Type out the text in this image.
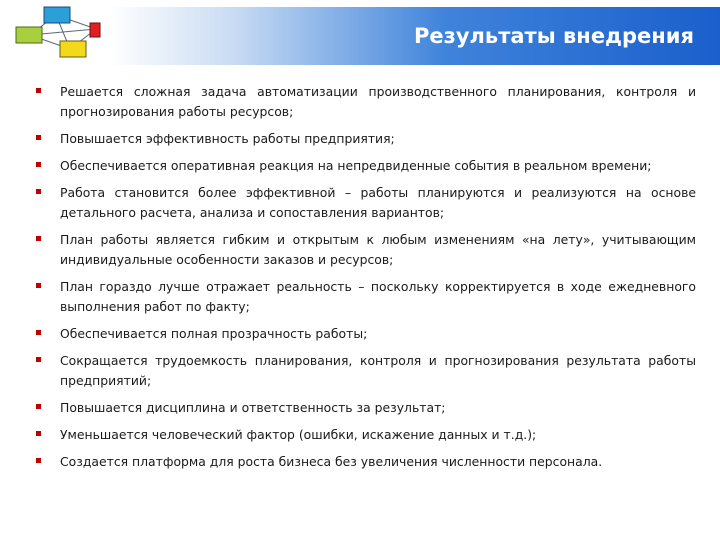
Результаты внедрения
Решается сложная задача автоматизации производственного планирования, контроля и прогнозирования работы ресурсов;
Повышается эффективность работы предприятия;
Обеспечивается оперативная реакция на непредвиденные события в реальном времени;
Работа становится более эффективной – работы планируются и реализуются на основе детального расчета, анализа и сопоставления вариантов;
План работы является гибким и открытым к любым изменениям «на лету», учитывающим индивидуальные особенности заказов и ресурсов;
План гораздо лучше отражает реальность – поскольку корректируется в ходе ежедневного выполнения работ по факту;
Обеспечивается полная прозрачность работы;
Сокращается трудоемкость планирования, контроля и прогнозирования результата работы предприятий;
Повышается дисциплина и ответственность за результат;
Уменьшается человеческий фактор (ошибки, искажение данных и т.д.);
Создается платформа для роста бизнеса без увеличения численности персонала.
